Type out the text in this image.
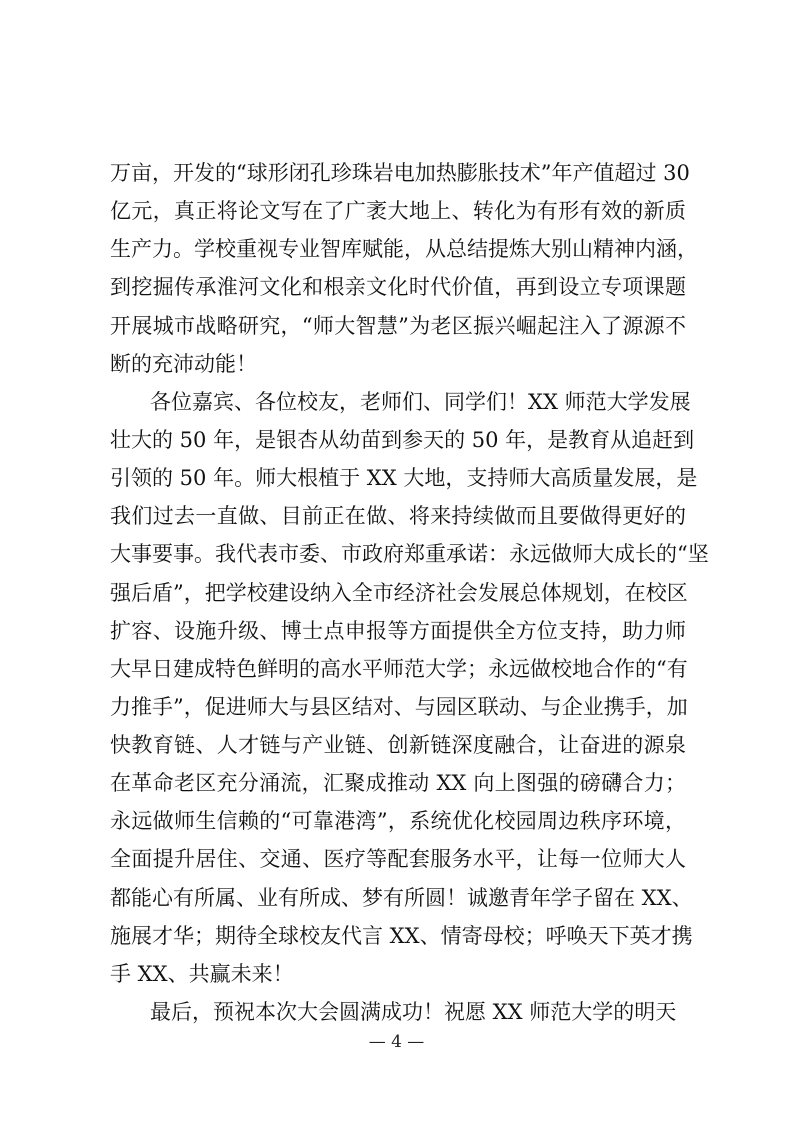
万亩，开发的“球形闭孔珍珠岩电加热膨胀技术”年产值超过 30
亿元，真正将论文写在了广袤大地上、转化为有形有效的新质
生产力。学校重视专业智库赋能，从总结提炼大别山精神内涵，
到挖掘传承淮河文化和根亲文化时代价值，再到设立专项课题
开展城市战略研究，“师大智慧”为老区振兴崛起注入了源源不
断的充沛动能！
各位嘉宾、各位校友，老师们、同学们！XX 师范大学发展
壮大的 50 年，是银杏从幼苗到参天的 50 年，是教育从追赶到
引领的 50 年。师大根植于 XX 大地，支持师大高质量发展，是
我们过去一直做、目前正在做、将来持续做而且要做得更好的
大事要事。我代表市委、市政府郑重承诺：永远做师大成长的“坚
强后盾”，把学校建设纳入全市经济社会发展总体规划，在校区
扩容、设施升级、博士点申报等方面提供全方位支持，助力师
大早日建成特色鲜明的高水平师范大学；永远做校地合作的“有
力推手”，促进师大与县区结对、与园区联动、与企业携手，加
快教育链、人才链与产业链、创新链深度融合，让奋进的源泉
在革命老区充分涌流，汇聚成推动 XX 向上图强的磅礴合力；
永远做师生信赖的“可靠港湾”，系统优化校园周边秩序环境，
全面提升居住、交通、医疗等配套服务水平，让每一位师大人
都能心有所属、业有所成、梦有所圆！诚邀青年学子留在 XX、
施展才华；期待全球校友代言 XX、情寄母校；呼唤天下英才携
手 XX、共赢未来！
最后，预祝本次大会圆满成功！祝愿 XX 师范大学的明天
— 4 —
